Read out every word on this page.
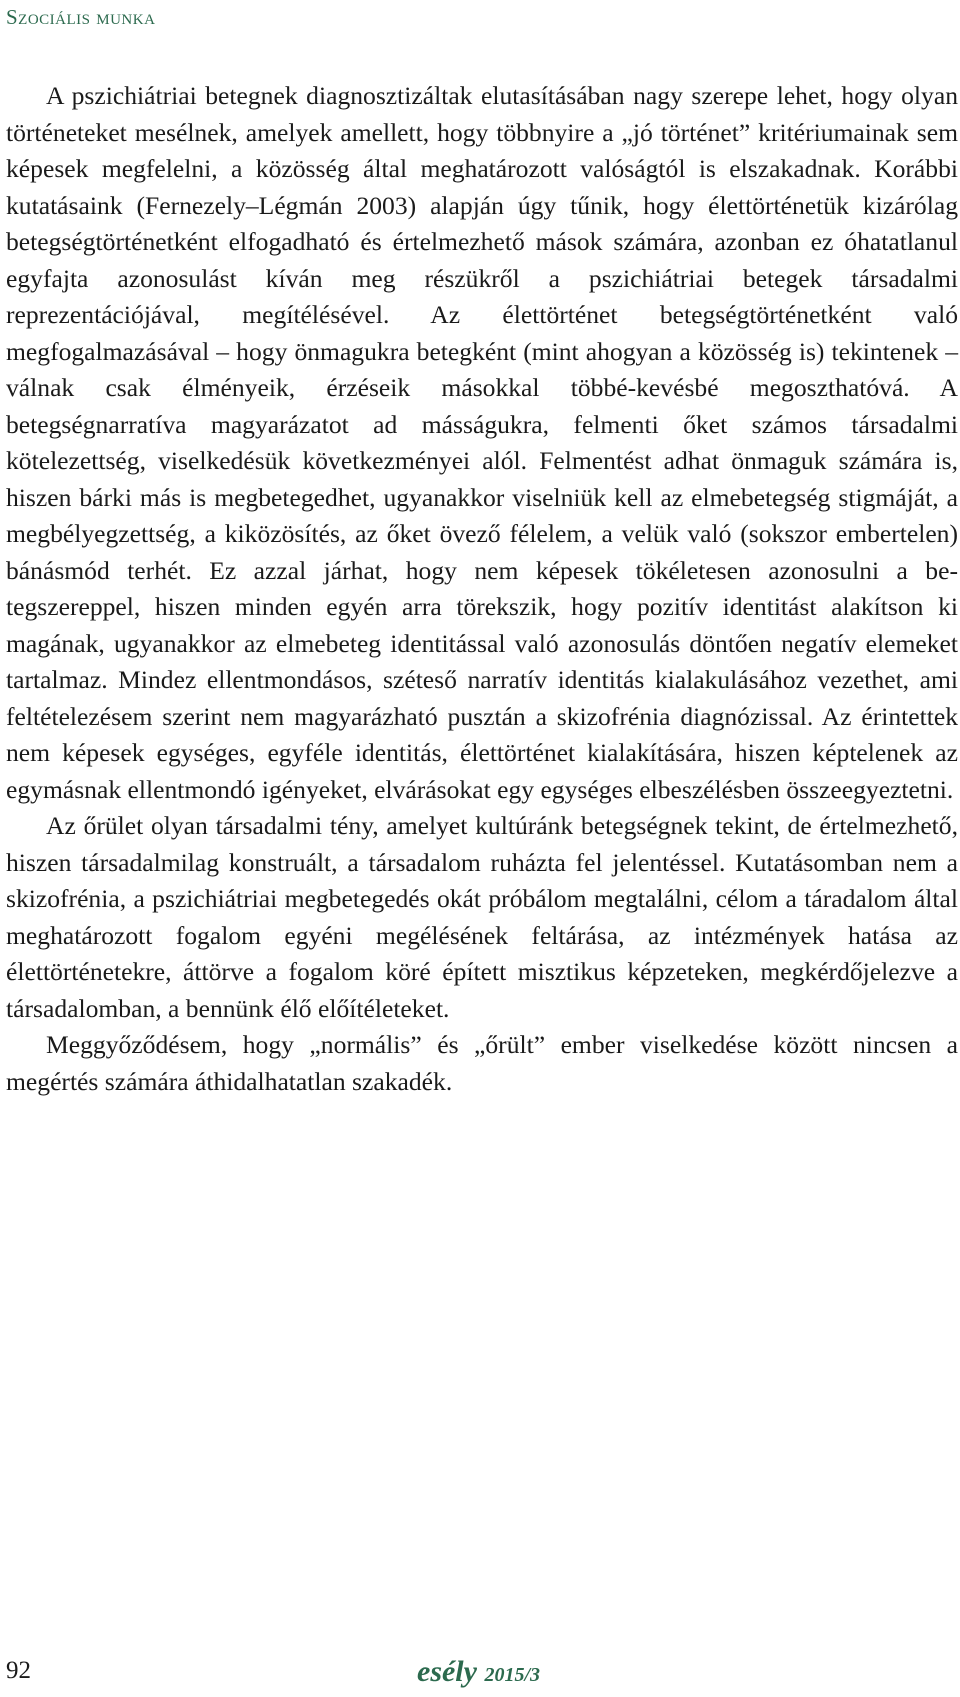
Szociális munka

A pszichiátriai betegnek diagnosztizáltak elutasításában nagy szerepe lehet, hogy olyan történeteket mesélnek, amelyek amellett, hogy többnyire a „jó történet” kritériumainak sem képesek megfelelni, a közösség által meghatározott valóságtól is elszakadnak. Korábbi kutatásaink (Fernezely–Légmán 2003) alapján úgy tűnik, hogy élettörténetük kizárólag betegségtörténetként elfogadható és értelmezhető mások számára, azonban ez óhatatlanul egyfajta azonosulást kíván meg részükről a pszichiátriai betegek társadalmi reprezentációjával, megítélésével. Az élettörténet betegségtörténetként való megfogalmazásával – hogy önmagukra betegként (mint ahogyan a közösség is) tekintenek – válnak csak élményeik, érzéseik másokkal többé-kevésbé megoszthatóvá. A betegségnarratíva magyarázatot ad másságukra, felmenti őket számos társadalmi kötelezettség, viselkedésük következményei alól. Felmentést adhat önmaguk számára is, hiszen bárki más is megbetegedhet, ugyanakkor viselniük kell az elmebetegség stigmáját, a megbélyegzettség, a kiközösítés, az őket övező félelem, a velük való (sokszor embertelen) bánásmód terhét. Ez azzal járhat, hogy nem képesek tökéletesen azonosulni a betegszereppel, hiszen minden egyén arra törekszik, hogy pozitív identitást alakítson ki magának, ugyanakkor az elmebeteg identitással való azonosulás döntően negatív elemeket tartalmaz. Mindez ellentmondásos, széteső narratív identitás kialakulásához vezethet, ami feltételezésem szerint nem magyarázható pusztán a skizofrénia diagnózissal. Az érintettek nem képesek egységes, egyféle identitás, élettörténet kialakítására, hiszen képtelenek az egymásnak ellentmondó igényeket, elvárásokat egy egységes elbeszélésben összeegyeztetni.

Az őrület olyan társadalmi tény, amelyet kultúránk betegségnek tekint, de értelmezhető, hiszen társadalmilag konstruált, a társadalom ruházta fel jelentéssel. Kutatásomban nem a skizofrénia, a pszichiátriai megbetegedés okát próbálom megtalálni, célom a táradalom által meghatározott fogalom egyéni megélésének feltárása, az intézmények hatása az élettörténetekre, áttörve a fogalom köré épített misztikus képzeteken, megkérdőjelezve a társadalomban, a bennünk élő előítéleteket.

Meggyőződésem, hogy „normális” és „őrült” ember viselkedése között nincsen a megértés számára áthidalhatatlan szakadék.

92	esély 2015/3
